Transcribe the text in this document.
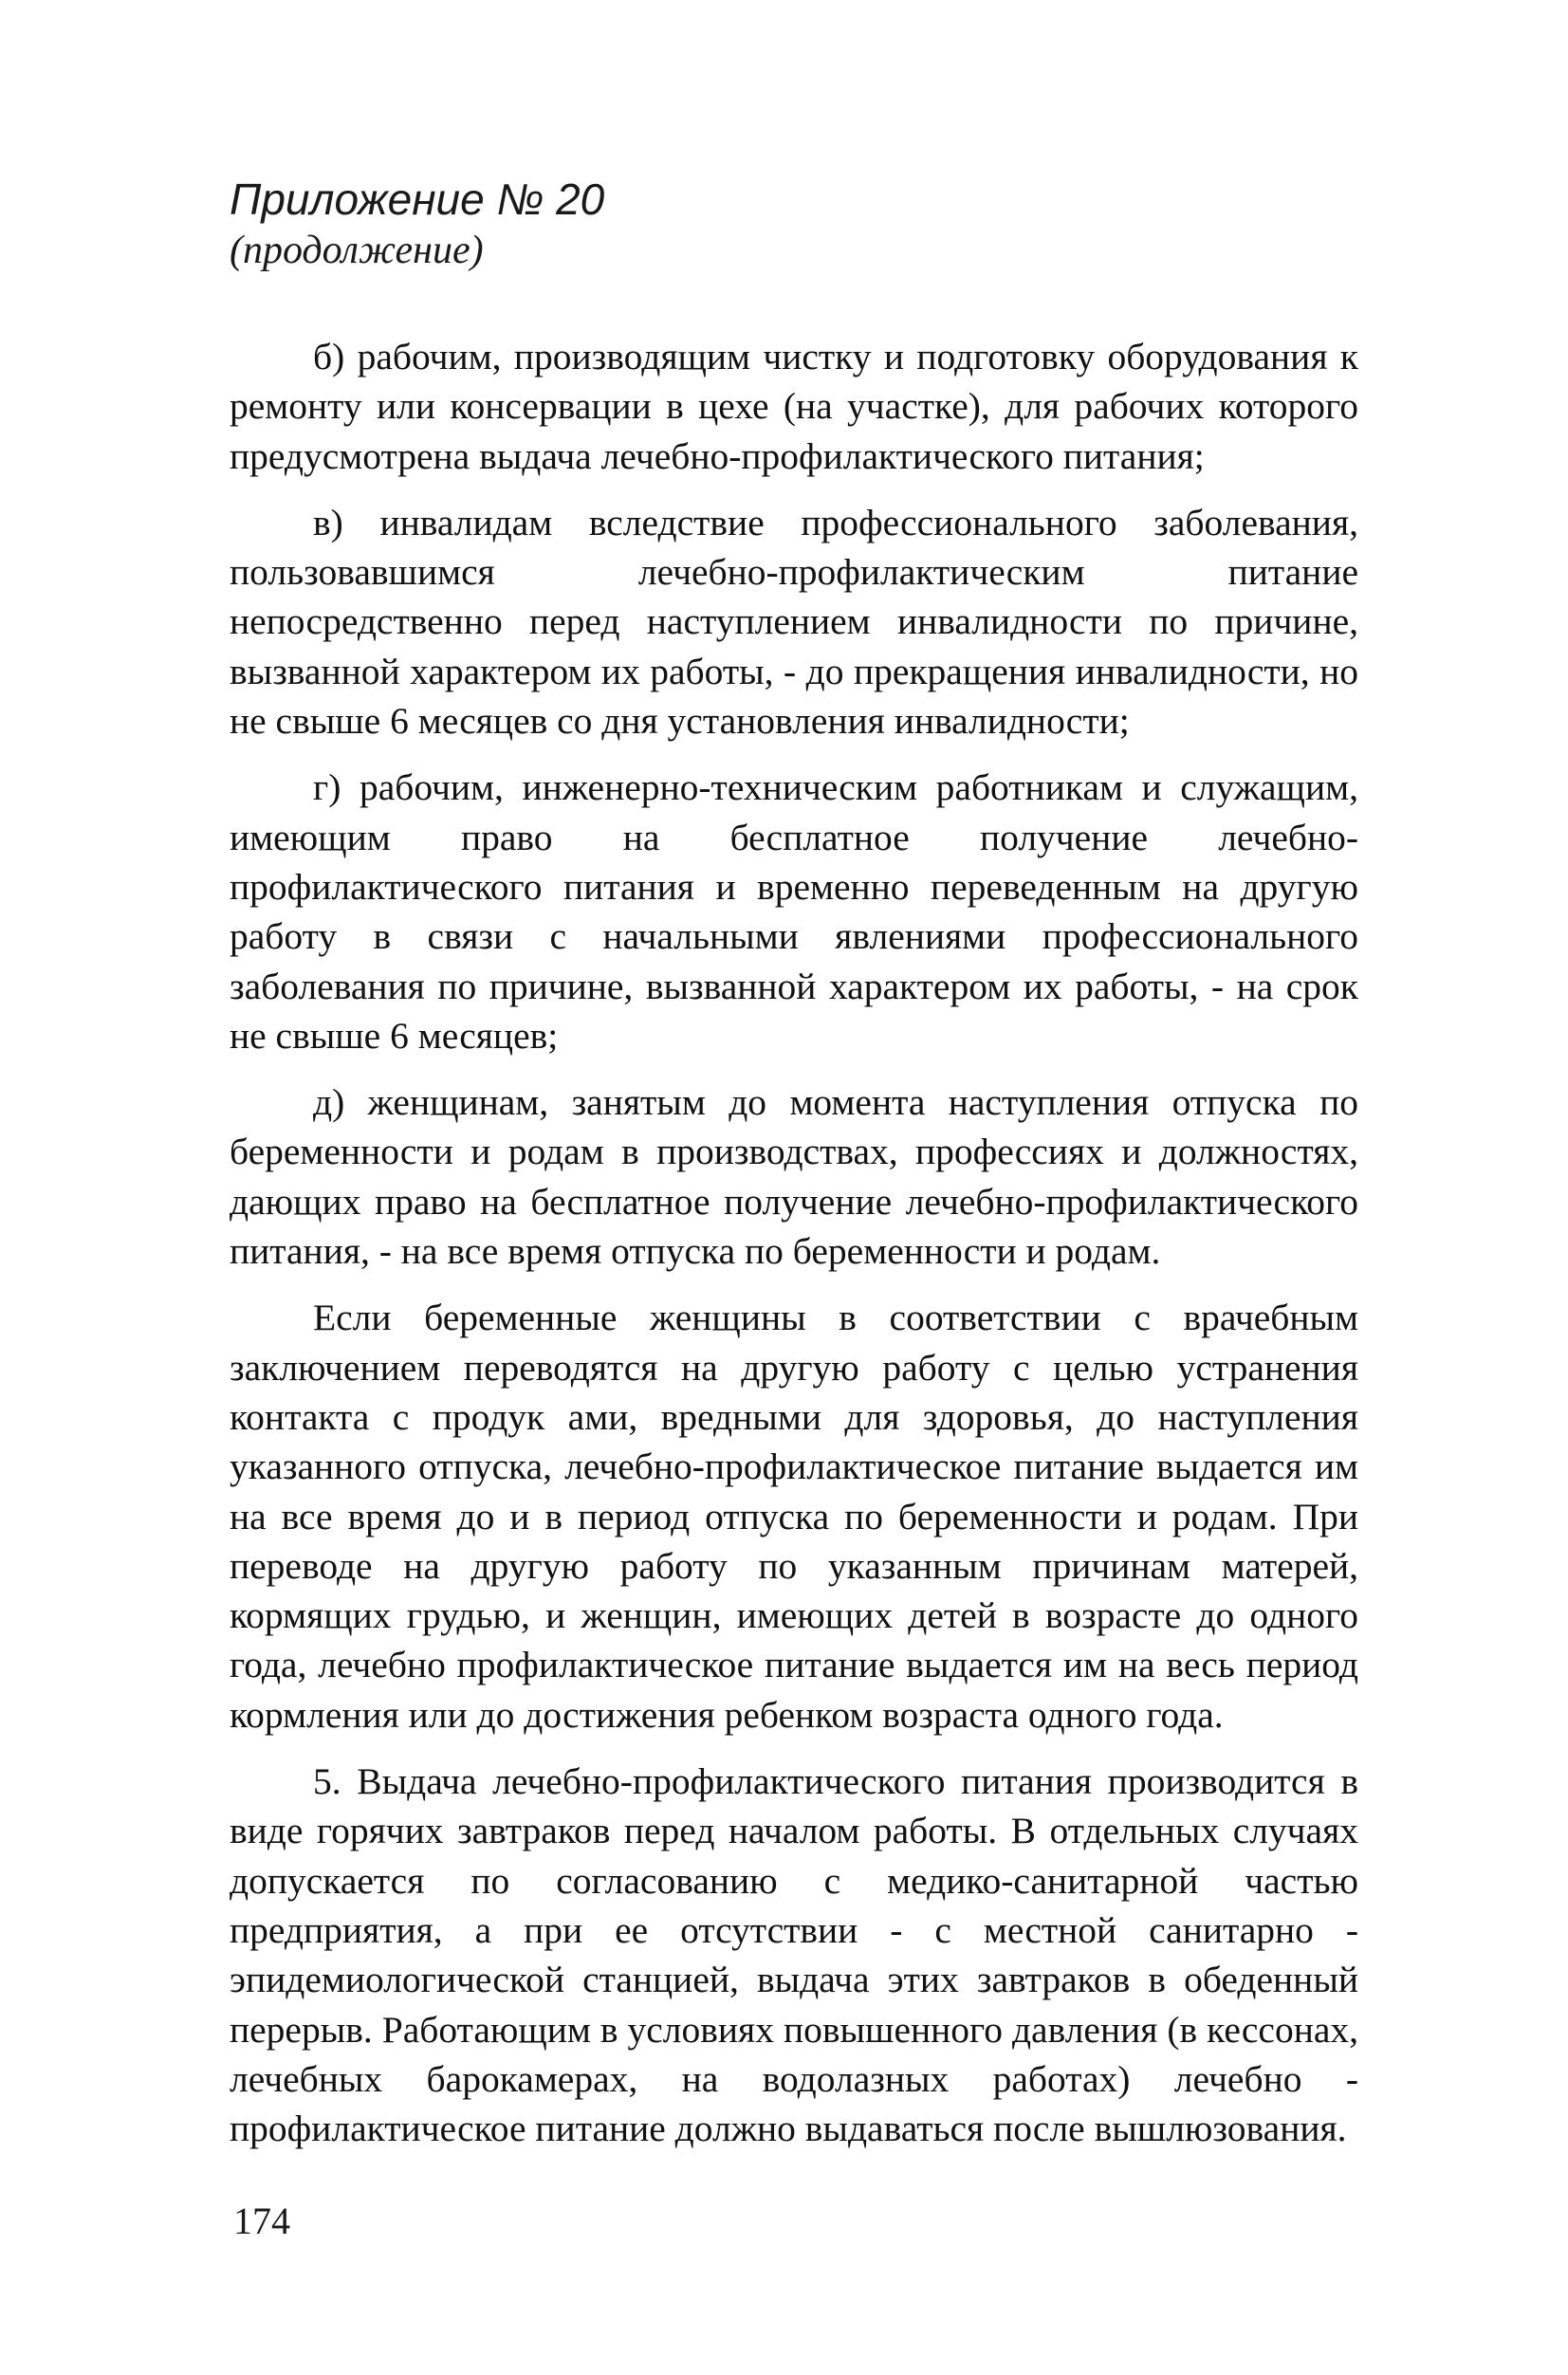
Приложение № 20
(продолжение)

б) рабочим, производящим чистку и подготовку оборудования к ремонту или консервации в цехе (на участке), для рабочих которого предусмотрена выдача лечебно-профилактического питания;

в) инвалидам вследствие профессионального заболевания, пользовавшимся лечебно-профилактическим питание непосредственно перед наступлением инвалидности по причине, вызванной характером их работы, - до прекращения инвалидности, но не свыше 6 месяцев со дня установления инвалидности;

г) рабочим, инженерно-техническим работникам и служащим, имеющим право на бесплатное получение лечебно-профилактического питания и временно переведенным на другую работу в связи с начальными явлениями профессионального заболевания по причине, вызванной характером их работы, - на срок не свыше 6 месяцев;

д) женщинам, занятым до момента наступления отпуска по беременности и родам в производствах, профессиях и должностях, дающих право на бесплатное получение лечебно-профилактического питания, - на все время отпуска по беременности и родам.

Если беременные женщины в соответствии с врачебным заключением переводятся на другую работу с целью устранения контакта с продук ами, вредными для здоровья, до наступления указанного отпуска, лечебно-профилактическое питание выдается им на все время до и в период отпуска по беременности и родам. При переводе на другую работу по указанным причинам матерей, кормящих грудью, и женщин, имеющих детей в возрасте до одного года, лечебно профилактическое питание выдается им на весь период кормления или до достижения ребенком возраста одного года.

5. Выдача лечебно-профилактического питания производится в виде горячих завтраков перед началом работы. В отдельных случаях допускается по согласованию с медико-санитарной частью предприятия, а при ее отсутствии - с местной санитарно - эпидемиологической станцией, выдача этих завтраков в обеденный перерыв. Работающим в условиях повышенного давления (в кессонах, лечебных барокамерах, на водолазных работах) лечебно - профилактическое питание должно выдаваться после вышлюзования.

174
